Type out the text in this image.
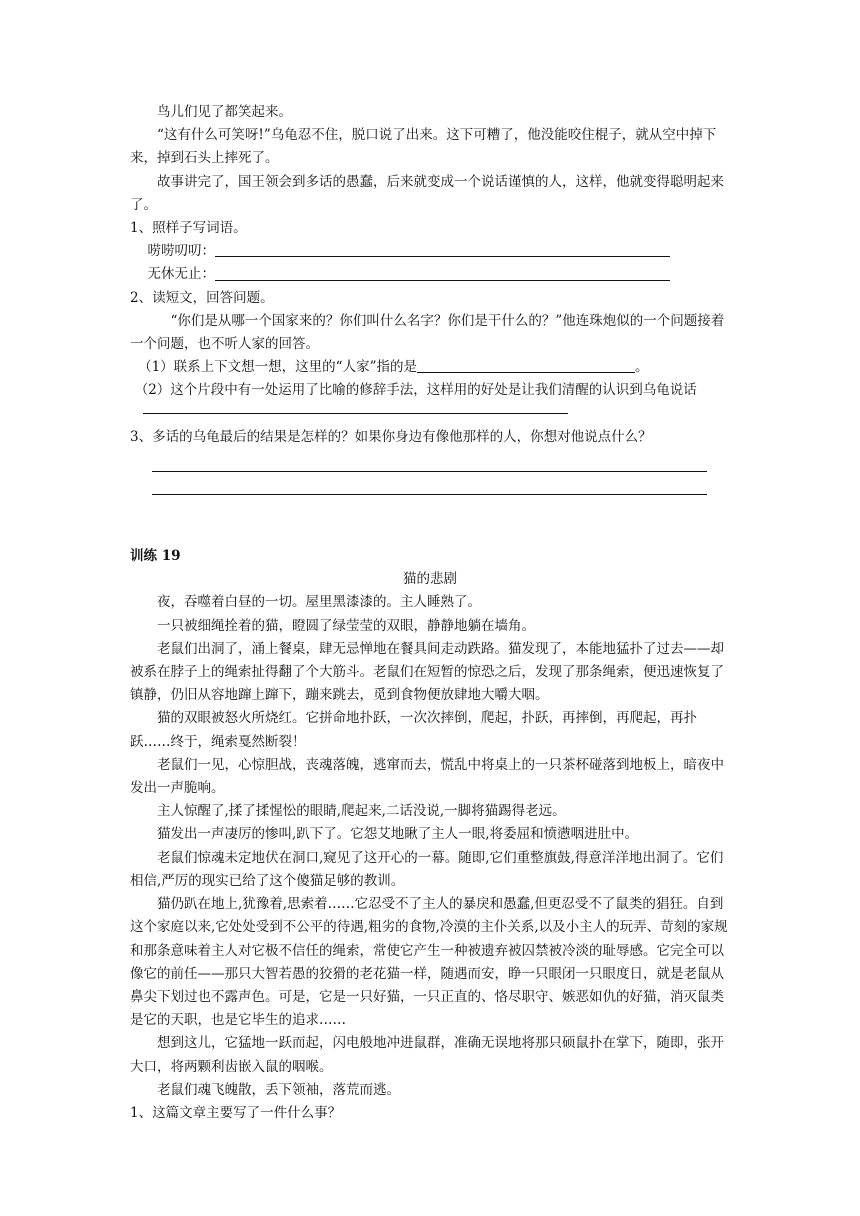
鸟儿们见了都笑起来。

“这有什么可笑呀!”乌龟忍不住，脱口说了出来。这下可糟了，他没能咬住棍子，就从空中掉下来，掉到石头上摔死了。

故事讲完了，国王领会到多话的愚蠢，后来就变成一个说话谨慎的人，这样，他就变得聪明起来了。

1、照样子写词语。

唠唠叨叨：
无休无止：

2、读短文，回答问题。

“你们是从哪一个国家来的？你们叫什么名字？你们是干什么的？”他连珠炮似的一个问题接着一个问题，也不听人家的回答。

（1）联系上下文想一想，这里的“人家”指的是	。

（2）这个片段中有一处运用了比喻的修辞手法，这样用的好处是让我们清醒的认识到乌龟说话

3、多话的乌龟最后的结果是怎样的？如果你身边有像他那样的人，你想对他说点什么？

训练 19

猫的悲剧

夜，吞噬着白昼的一切。屋里黑漆漆的。主人睡熟了。

一只被细绳拴着的猫，瞪圆了绿莹莹的双眼，静静地躺在墙角。

老鼠们出洞了，涌上餐桌，肆无忌惮地在餐具间走动跌路。猫发现了，本能地猛扑了过去——却被系在脖子上的绳索扯得翻了个大筋斗。老鼠们在短暂的惊恐之后，发现了那条绳索，便迅速恢复了镇静，仍旧从容地蹿上蹿下，蹦来跳去，觅到食物便放肆地大嚼大咽。

猫的双眼被怒火所烧红。它拼命地扑跃，一次次摔倒，爬起，扑跃，再摔倒，再爬起，再扑跃……终于，绳索戛然断裂！

老鼠们一见，心惊胆战，丧魂落魄，逃窜而去，慌乱中将桌上的一只茶杯碰落到地板上，暗夜中发出一声脆响。

主人惊醒了,揉了揉惺忪的眼睛,爬起来,二话没说,一脚将猫踢得老远。

猫发出一声凄厉的惨叫,趴下了。它怨艾地瞅了主人一眼,将委屈和愤懑咽进肚中。

老鼠们惊魂未定地伏在洞口,窥见了这开心的一幕。随即,它们重整旗鼓,得意洋洋地出洞了。它们相信,严厉的现实已给了这个傻猫足够的教训。

猫仍趴在地上,犹豫着,思索着……它忍受不了主人的暴戾和愚蠢,但更忍受不了鼠类的猖狂。自到这个家庭以来,它处处受到不公平的待遇,粗劣的食物,冷漠的主仆关系,以及小主人的玩弄、苛刻的家规和那条意味着主人对它极不信任的绳索，常使它产生一种被遗弃被囚禁被冷淡的耻辱感。它完全可以像它的前任——那只大智若愚的狡猾的老花猫一样，随遇而安，睁一只眼闭一只眼度日，就是老鼠从鼻尖下划过也不露声色。可是，它是一只好猫，一只正直的、恪尽职守、嫉恶如仇的好猫，消灭鼠类是它的天职，也是它毕生的追求……

想到这儿，它猛地一跃而起，闪电般地冲进鼠群，准确无误地将那只硕鼠扑在掌下，随即，张开大口，将两颗利齿嵌入鼠的咽喉。

老鼠们魂飞魄散，丢下领袖，落荒而逃。

1、这篇文章主要写了一件什么事？
